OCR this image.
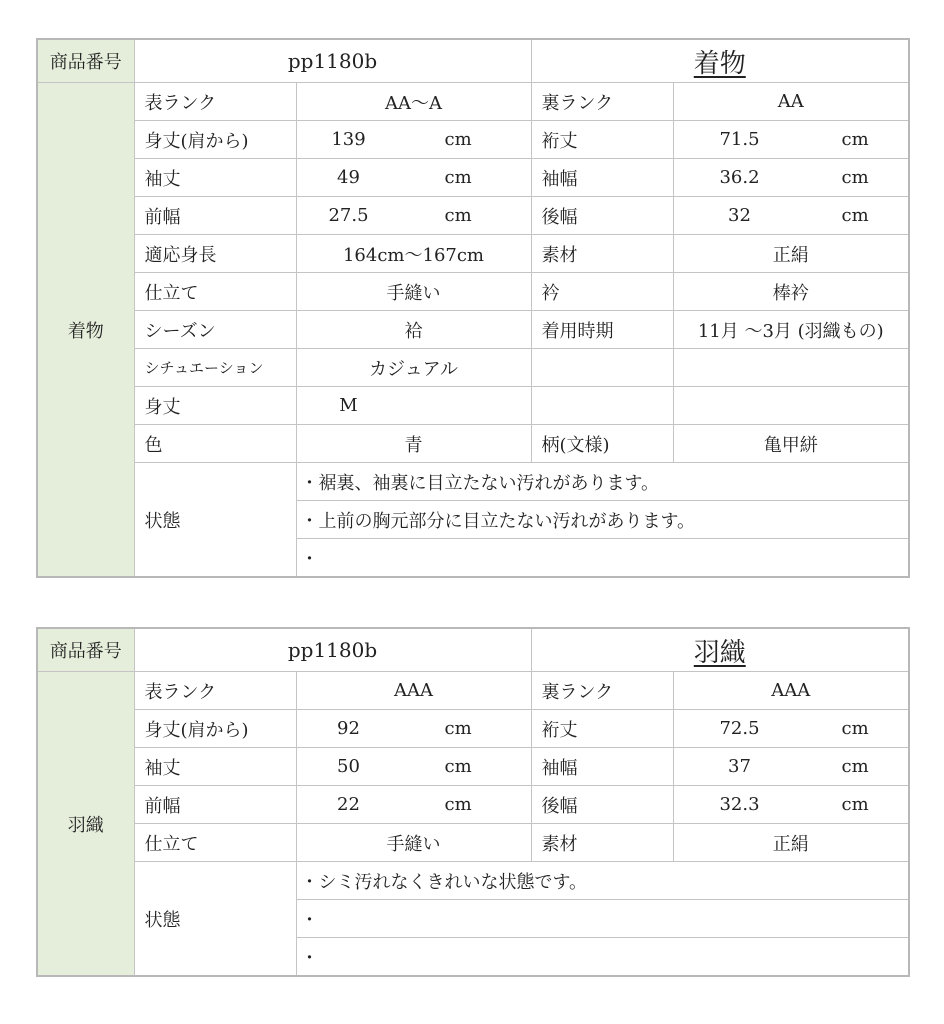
商品番号	pp1180b		着物	
着物	表ランク	AA〜A	裏ランク	AA
	身丈(肩から)	139 cm	裄丈	71.5 cm
	袖丈	49 cm	袖幅	36.2 cm
	前幅	27.5 cm	後幅	32 cm
	適応身長	164cm〜167cm	素材	正絹
	仕立て	手縫い	衿	棒衿
	シーズン	袷	着用時期	11月 〜3月 (羽織もの)
	シチュエーション	カジュアル		
	身丈	M		
	色	青	柄(文様)	亀甲絣
	状態	・裾裏、袖裏に目立たない汚れがあります。		
		・上前の胸元部分に目立たない汚れがあります。		
		・		
商品番号	pp1180b		羽織	
羽織	表ランク	AAA	裏ランク	AAA
	身丈(肩から)	92 cm	裄丈	72.5 cm
	袖丈	50 cm	袖幅	37 cm
	前幅	22 cm	後幅	32.3 cm
	仕立て	手縫い	素材	正絹
	状態	・シミ汚れなくきれいな状態です。		
		・		
		・		
